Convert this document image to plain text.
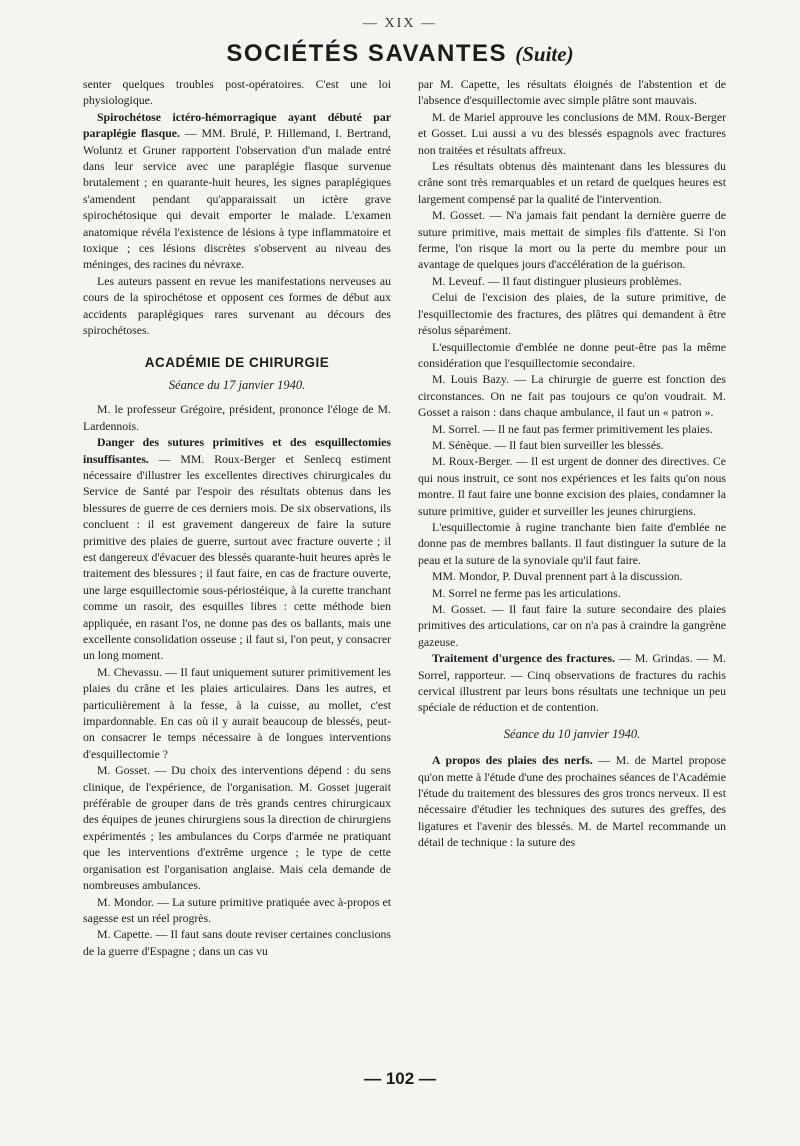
— XIX —
SOCIÉTÉS SAVANTES (Suite)

senter quelques troubles post-opératoires. C'est une loi physiologique.

Spirochétose ictéro-hémorragique ayant débuté par paraplégie flasque. — MM. Brulé, P. Hillemand, I. Bertrand, Woluntz et Gruner rapportent l'observation d'un malade entré dans leur service avec une paraplégie flasque survenue brutalement ; en quarante-huit heures, les signes paraplégiques s'amendent pendant qu'apparaissait un ictère grave spirochétosique qui devait emporter le malade. L'examen anatomique révéla l'existence de lésions à type inflammatoire et toxique ; ces lésions discrètes s'observent au niveau des méninges, des racines du névraxe.

Les auteurs passent en revue les manifestations nerveuses au cours de la spirochétose et opposent ces formes de début aux accidents paraplégiques rares survenant au décours des spirochétoses.

ACADÉMIE DE CHIRURGIE
Séance du 17 janvier 1940.

M. le professeur Grégoire, président, prononce l'éloge de M. Lardennois.

Danger des sutures primitives et des esquillectomies insuffisantes. — MM. Roux-Berger et Senlecq estiment nécessaire d'illustrer les excellentes directives chirurgicales du Service de Santé par l'espoir des résultats obtenus dans les blessures de guerre de ces derniers mois. De six observations, ils concluent : il est gravement dangereux de faire la suture primitive des plaies de guerre, surtout avec fracture ouverte ; il est dangereux d'évacuer des blessés quarante-huit heures après le traitement des blessures ; il faut faire, en cas de fracture ouverte, une large esquillectomie sous-périostéique, à la curette tranchant comme un rasoir, des esquilles libres : cette méthode bien appliquée, en rasant l'os, ne donne pas des os ballants, mais une excellente consolidation osseuse ; il faut si, l'on peut, y consacrer un long moment.

M. Chevassu. — Il faut uniquement suturer primitivement les plaies du crâne et les plaies articulaires. Dans les autres, et particulièrement à la fesse, à la cuisse, au mollet, c'est impardonnable. En cas où il y aurait beaucoup de blessés, peut-on consacrer le temps nécessaire à de longues interventions d'esquillectomie ?

M. Gosset. — Du choix des interventions dépend : du sens clinique, de l'expérience, de l'organisation. M. Gosset jugerait préférable de grouper dans de très grands centres chirurgicaux des équipes de jeunes chirurgiens sous la direction de chirurgiens expérimentés ; les ambulances du Corps d'armée ne pratiquant que les interventions d'extrême urgence ; le type de cette organisation est l'organisation anglaise. Mais cela demande de nombreuses ambulances.

M. Mondor. — La suture primitive pratiquée avec à-propos et sagesse est un réel progrès.

M. Capette. — Il faut sans doute reviser certaines conclusions de la guerre d'Espagne ; dans un cas vu

par M. Capette, les résultats éloignés de l'abstention et de l'absence d'esquillectomie avec simple plâtre sont mauvais.

M. de Mariel approuve les conclusions de MM. Roux-Berger et Gosset. Lui aussi a vu des blessés espagnols avec fractures non traitées et résultats affreux.

Les résultats obtenus dès maintenant dans les blessures du crâne sont très remarquables et un retard de quelques heures est largement compensé par la qualité de l'intervention.

M. Gosset. — N'a jamais fait pendant la dernière guerre de suture primitive, mais mettait de simples fils d'attente. Si l'on ferme, l'on risque la mort ou la perte du membre pour un avantage de quelques jours d'accélération de la guérison.

M. Leveuf. — Il faut distinguer plusieurs problèmes.

Celui de l'excision des plaies, de la suture primitive, de l'esquillectomie des fractures, des plâtres qui demandent à être résolus séparément.

L'esquillectomie d'emblée ne donne peut-être pas la même considération que l'esquillectomie secondaire.

M. Louis Bazy. — La chirurgie de guerre est fonction des circonstances. On ne fait pas toujours ce qu'on voudrait. M. Gosset a raison : dans chaque ambulance, il faut un « patron ».

M. Sorrel. — Il ne faut pas fermer primitivement les plaies.

M. Sénèque. — Il faut bien surveiller les blessés.

M. Roux-Berger. — Il est urgent de donner des directives. Ce qui nous instruit, ce sont nos expériences et les faits qu'on nous montre. Il faut faire une bonne excision des plaies, condamner la suture primitive, guider et surveiller les jeunes chirurgiens.

L'esquillectomie à rugine tranchante bien faite d'emblée ne donne pas de membres ballants. Il faut distinguer la suture de la peau et la suture de la synoviale qu'il faut faire.

MM. Mondor, P. Duval prennent part à la discussion.

M. Sorrel ne ferme pas les articulations.

M. Gosset. — Il faut faire la suture secondaire des plaies primitives des articulations, car on n'a pas à craindre la gangrène gazeuse.

Traitement d'urgence des fractures. — M. Grindas. — M. Sorrel, rapporteur. — Cinq observations de fractures du rachis cervical illustrent par leurs bons résultats une technique un peu spéciale de réduction et de contention.

Séance du 10 janvier 1940.

A propos des plaies des nerfs. — M. de Martel propose qu'on mette à l'étude d'une des prochaines séances de l'Académie l'étude du traitement des blessures des gros troncs nerveux. Il est nécessaire d'étudier les techniques des sutures des greffes, des ligatures et l'avenir des blessés. M. de Martel recommande un détail de technique : la suture des

— 102 —
